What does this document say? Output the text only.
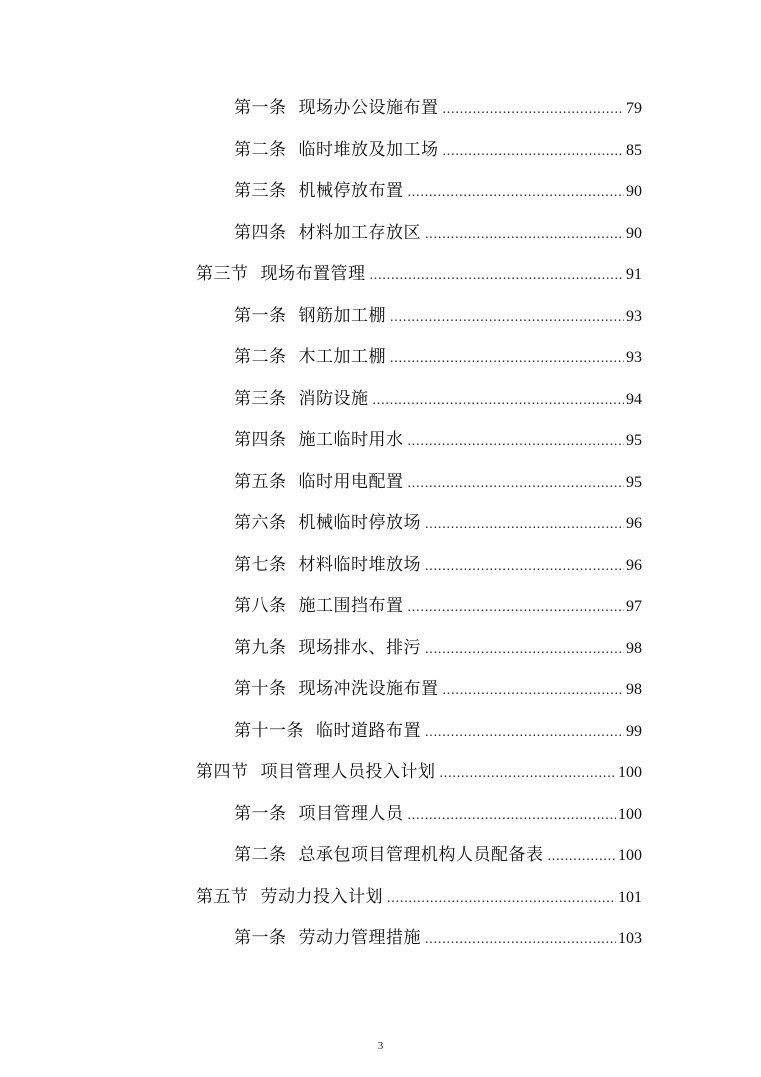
第一条 现场办公设施布置 .....	79
第二条 临时堆放及加工场 .....	85
第三条 机械停放布置 .....	90
第四条 材料加工存放区 .....	90
第三节 现场布置管理 .....	91
第一条 钢筋加工棚 .....	93
第二条 木工加工棚 .....	93
第三条 消防设施 .....	94
第四条 施工临时用水 .....	95
第五条 临时用电配置 .....	95
第六条 机械临时停放场 .....	96
第七条 材料临时堆放场 .....	96
第八条 施工围挡布置 .....	97
第九条 现场排水、排污 .....	98
第十条 现场冲洗设施布置 .....	98
第十一条 临时道路布置 .....	99
第四节 项目管理人员投入计划 .....	100
第一条 项目管理人员 .....	100
第二条 总承包项目管理机构人员配备表 .....	100
第五节 劳动力投入计划 .....	101
第一条 劳动力管理措施 .....	103
3
